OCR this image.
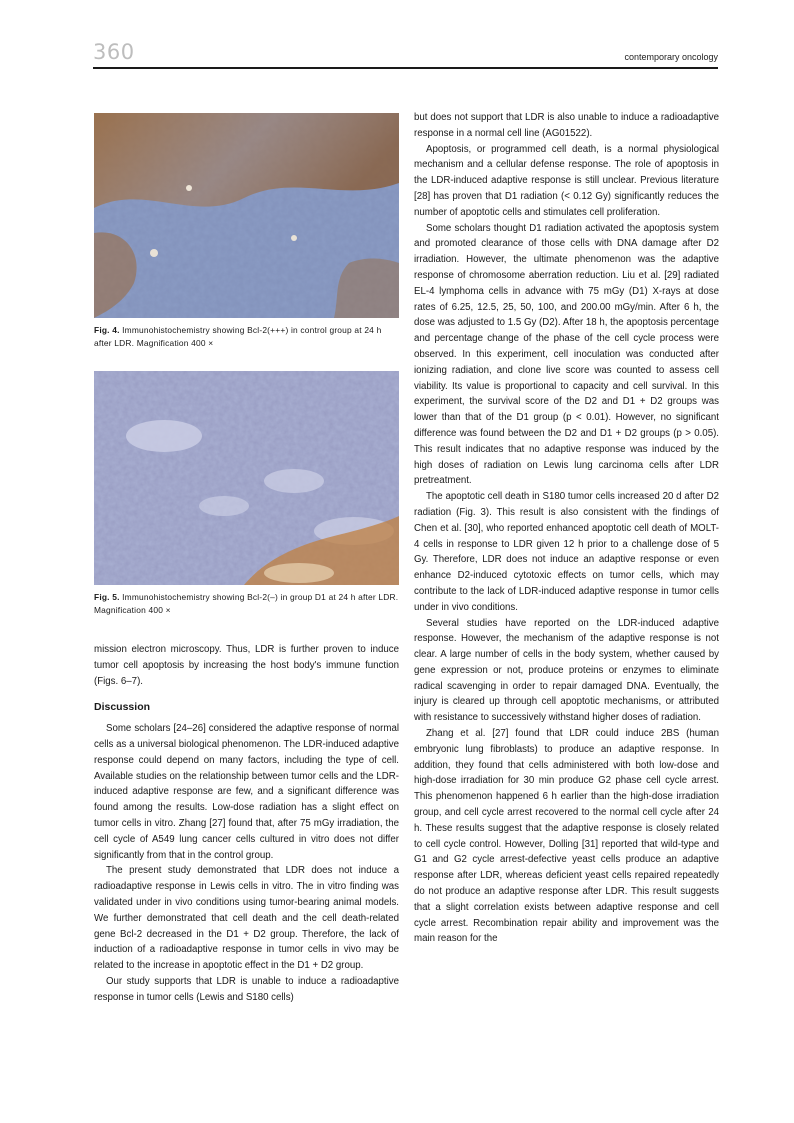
360	contemporary oncology
Fig. 4. Immunohistochemistry showing Bcl-2(+++) in control group at 24 h after LDR. Magnification 400 ×
Fig. 5. Immunohistochemistry showing Bcl-2(–) in group D1 at 24 h after LDR. Magnification 400 ×

mission electron microscopy. Thus, LDR is further proven to induce tumor cell apoptosis by increasing the host body's immune function (Figs. 6–7).

Discussion

Some scholars [24–26] considered the adaptive response of normal cells as a universal biological phenomenon. The LDR-induced adaptive response could depend on many factors, including the type of cell. Available studies on the relationship between tumor cells and the LDR-induced adaptive response are few, and a significant difference was found among the results. Low-dose radiation has a slight effect on tumor cells in vitro. Zhang [27] found that, after 75 mGy irradiation, the cell cycle of A549 lung cancer cells cultured in vitro does not differ significantly from that in the control group.

The present study demonstrated that LDR does not induce a radioadaptive response in Lewis cells in vitro. The in vitro finding was validated under in vivo conditions using tumor-bearing animal models. We further demonstrated that cell death and the cell death-related gene Bcl-2 decreased in the D1 + D2 group. Therefore, the lack of induction of a radioadaptive response in tumor cells in vivo may be related to the increase in apoptotic effect in the D1 + D2 group.

Our study supports that LDR is unable to induce a radioadaptive response in tumor cells (Lewis and S180 cells)

but does not support that LDR is also unable to induce a radioadaptive response in a normal cell line (AG01522).

Apoptosis, or programmed cell death, is a normal physiological mechanism and a cellular defense response. The role of apoptosis in the LDR-induced adaptive response is still unclear. Previous literature [28] has proven that D1 radiation (< 0.12 Gy) significantly reduces the number of apoptotic cells and stimulates cell proliferation.

Some scholars thought D1 radiation activated the apoptosis system and promoted clearance of those cells with DNA damage after D2 irradiation. However, the ultimate phenomenon was the adaptive response of chromosome aberration reduction. Liu et al. [29] radiated EL-4 lymphoma cells in advance with 75 mGy (D1) X-rays at dose rates of 6.25, 12.5, 25, 50, 100, and 200.00 mGy/min. After 6 h, the dose was adjusted to 1.5 Gy (D2). After 18 h, the apoptosis percentage and percentage change of the phase of the cell cycle process were observed. In this experiment, cell inoculation was conducted after ionizing radiation, and clone live score was counted to assess cell viability. Its value is proportional to capacity and cell survival. In this experiment, the survival score of the D2 and D1 + D2 groups was lower than that of the D1 group (p < 0.01). However, no significant difference was found between the D2 and D1 + D2 groups (p > 0.05). This result indicates that no adaptive response was induced by the high doses of radiation on Lewis lung carcinoma cells after LDR pretreatment.

The apoptotic cell death in S180 tumor cells increased 20 d after D2 radiation (Fig. 3). This result is also consistent with the findings of Chen et al. [30], who reported enhanced apoptotic cell death of MOLT-4 cells in response to LDR given 12 h prior to a challenge dose of 5 Gy. Therefore, LDR does not induce an adaptive response or even enhance D2-induced cytotoxic effects on tumor cells, which may contribute to the lack of LDR-induced adaptive response in tumor cells under in vivo conditions.

Several studies have reported on the LDR-induced adaptive response. However, the mechanism of the adaptive response is not clear. A large number of cells in the body system, whether caused by gene expression or not, produce proteins or enzymes to eliminate radical scavenging in order to repair damaged DNA. Eventually, the injury is cleared up through cell apoptotic mechanisms, or attributed with resistance to successively withstand higher doses of radiation.

Zhang et al. [27] found that LDR could induce 2BS (human embryonic lung fibroblasts) to produce an adaptive response. In addition, they found that cells administered with both low-dose and high-dose irradiation for 30 min produce G2 phase cell cycle arrest. This phenomenon happened 6 h earlier than the high-dose irradiation group, and cell cycle arrest recovered to the normal cell cycle after 24 h. These results suggest that the adaptive response is closely related to cell cycle control. However, Dolling [31] reported that wild-type and G1 and G2 cycle arrest-defective yeast cells produce an adaptive response after LDR, whereas deficient yeast cells repaired repeatedly do not produce an adaptive response after LDR. This result suggests that a slight correlation exists between adaptive response and cell cycle arrest. Recombination repair ability and improvement was the main reason for the
